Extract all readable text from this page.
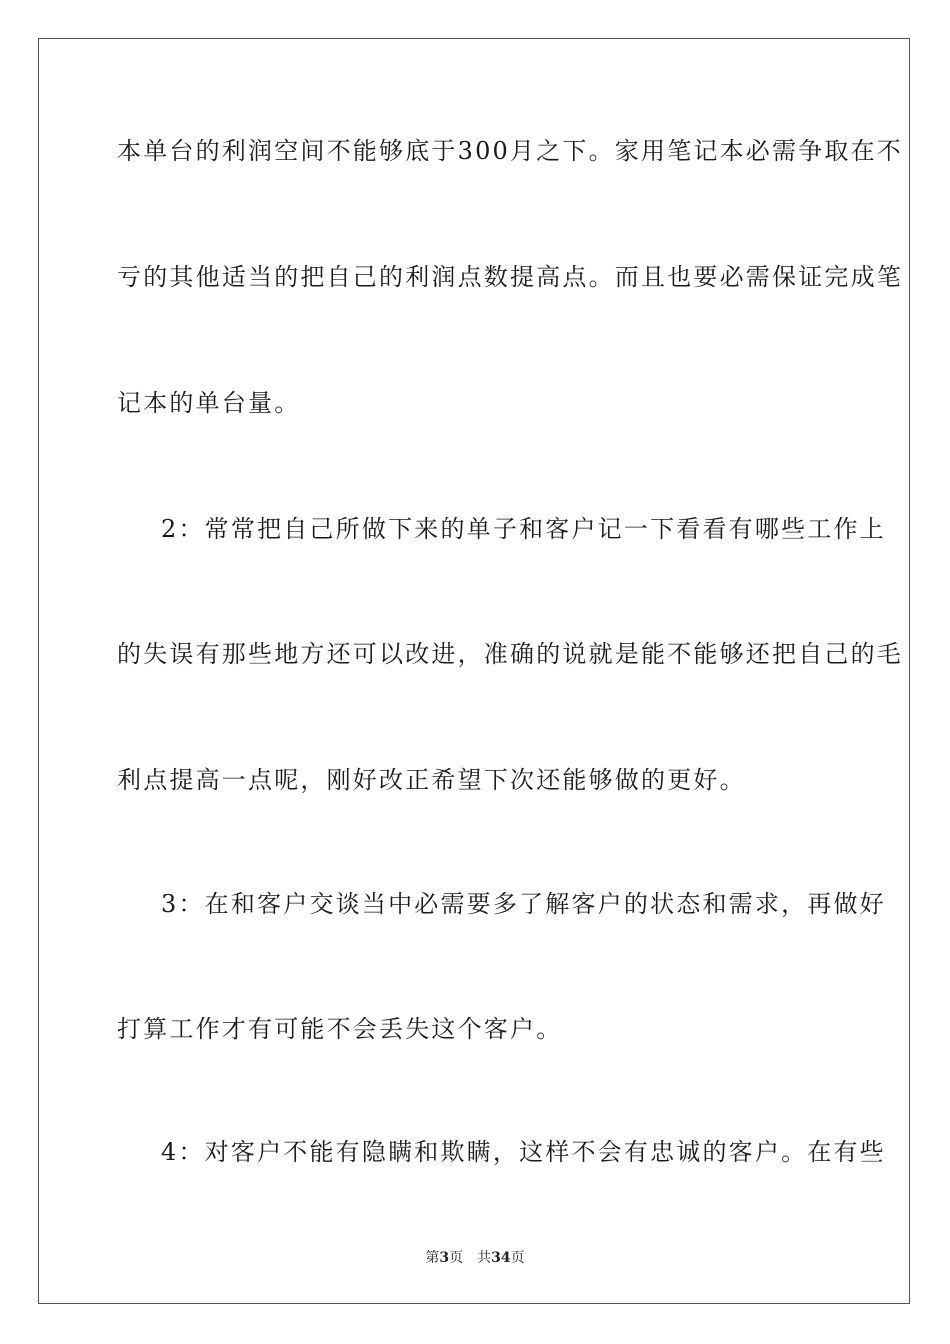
本单台的利润空间不能够底于300月之下。家用笔记本必需争取在不
亏的其他适当的把自己的利润点数提高点。而且也要必需保证完成笔
记本的单台量。
2：常常把自己所做下来的单子和客户记一下看看有哪些工作上
的失误有那些地方还可以改进，准确的说就是能不能够还把自己的毛
利点提高一点呢，刚好改正希望下次还能够做的更好。
3：在和客户交谈当中必需要多了解客户的状态和需求，再做好
打算工作才有可能不会丢失这个客户。
4：对客户不能有隐瞒和欺瞒，这样不会有忠诚的客户。在有些
第3页 共34页
